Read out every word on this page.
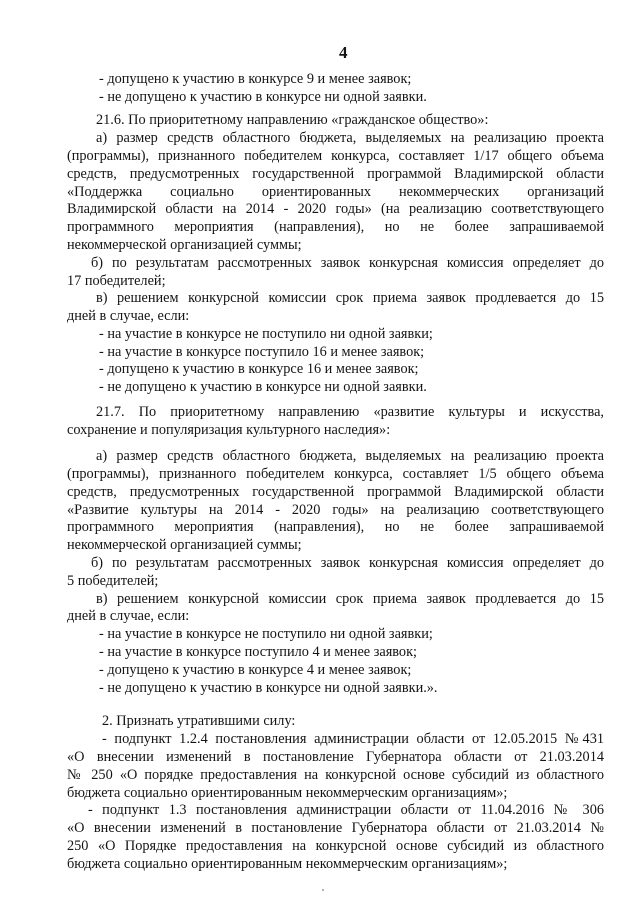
4
- допущено к участию в конкурсе 9 и менее заявок;
- не допущено к участию в конкурсе ни одной заявки.
21.6. По приоритетному направлению «гражданское общество»:
а) размер средств областного бюджета, выделяемых на реализацию проекта
(программы), признанного победителем конкурса, составляет 1/17 общего объема
средств, предусмотренных государственной программой Владимирской области
«Поддержка социально ориентированных некоммерческих организаций
Владимирской области на 2014 - 2020 годы» (на реализацию соответствующего
программного мероприятия (направления), но не более запрашиваемой
некоммерческой организацией суммы;
б) по результатам рассмотренных заявок конкурсная комиссия определяет до
17 победителей;
в) решением конкурсной комиссии срок приема заявок продлевается до 15
дней в случае, если:
- на участие в конкурсе не поступило ни одной заявки;
- на участие в конкурсе поступило 16 и менее заявок;
- допущено к участию в конкурсе 16 и менее заявок;
- не допущено к участию в конкурсе ни одной заявки.
21.7. По приоритетному направлению «развитие культуры и искусства,
сохранение и популяризация культурного наследия»:
а) размер средств областного бюджета, выделяемых на реализацию проекта
(программы), признанного победителем конкурса, составляет 1/5 общего объема
средств, предусмотренных государственной программой Владимирской области
«Развитие культуры на 2014 - 2020 годы» на реализацию соответствующего
программного мероприятия (направления), но не более запрашиваемой
некоммерческой организацией суммы;
б) по результатам рассмотренных заявок конкурсная комиссия определяет до
5 победителей;
в) решением конкурсной комиссии срок приема заявок продлевается до 15
дней в случае, если:
- на участие в конкурсе не поступило ни одной заявки;
- на участие в конкурсе поступило 4 и менее заявок;
- допущено к участию в конкурсе 4 и менее заявок;
- не допущено к участию в конкурсе ни одной заявки.».
2. Признать утратившими силу:
- подпункт 1.2.4 постановления администрации области от 12.05.2015 №431
«О внесении изменений в постановление Губернатора области от 21.03.2014
№ 250 «О порядке предоставления на конкурсной основе субсидий из областного
бюджета социально ориентированным некоммерческим организациям»;
- подпункт 1.3 постановления администрации области от 11.04.2016 № 306
«О внесении изменений в постановление Губернатора области от 21.03.2014 №
250 «О Порядке предоставления на конкурсной основе субсидий из областного
бюджета социально ориентированным некоммерческим организациям»;
